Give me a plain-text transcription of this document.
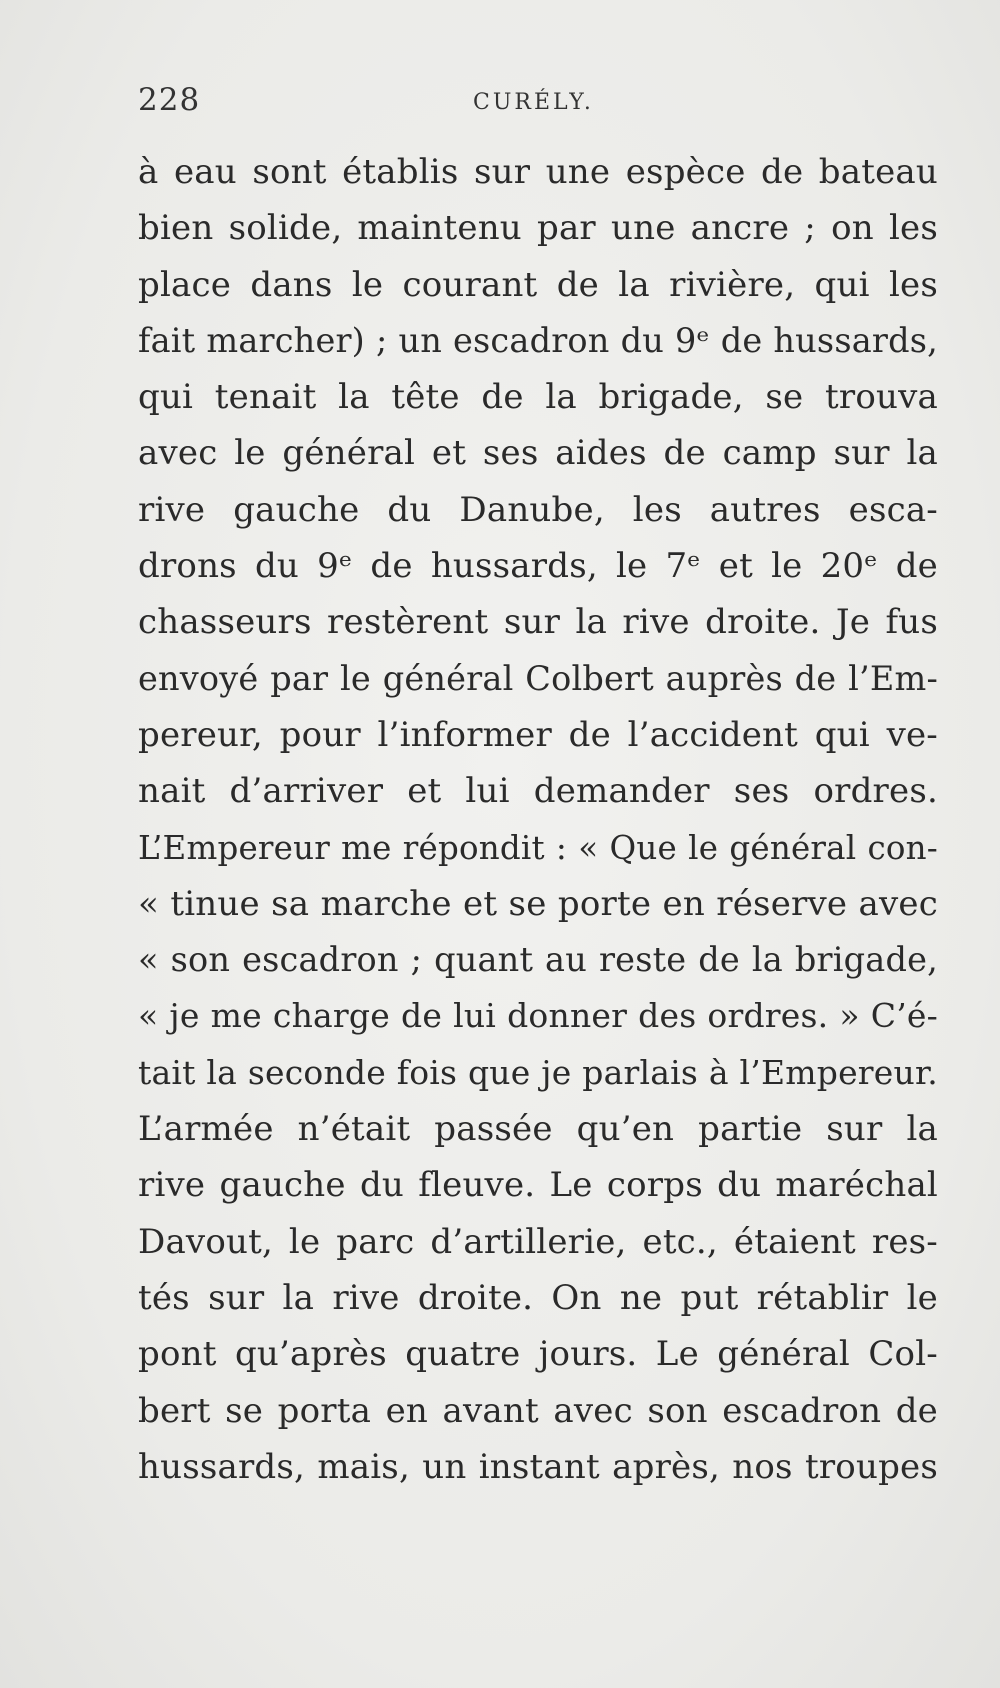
228	CURÉLY.
à eau sont établis sur une espèce de bateau
bien solide, maintenu par une ancre ; on les
place dans le courant de la rivière, qui les
fait marcher) ; un escadron du 9ᵉ de hussards,
qui tenait la tête de la brigade, se trouva
avec le général et ses aides de camp sur la
rive gauche du Danube, les autres esca-
drons du 9ᵉ de hussards, le 7ᵉ et le 20ᵉ de
chasseurs restèrent sur la rive droite. Je fus
envoyé par le général Colbert auprès de l’Em-
pereur, pour l’informer de l’accident qui ve-
nait d’arriver et lui demander ses ordres.
L’Empereur me répondit : « Que le général con-
« tinue sa marche et se porte en réserve avec
« son escadron ; quant au reste de la brigade,
« je me charge de lui donner des ordres. » C’é-
tait la seconde fois que je parlais à l’Empereur.
L’armée n’était passée qu’en partie sur la
rive gauche du fleuve. Le corps du maréchal
Davout, le parc d’artillerie, etc., étaient res-
tés sur la rive droite. On ne put rétablir le
pont qu’après quatre jours. Le général Col-
bert se porta en avant avec son escadron de
hussards, mais, un instant après, nos troupes
